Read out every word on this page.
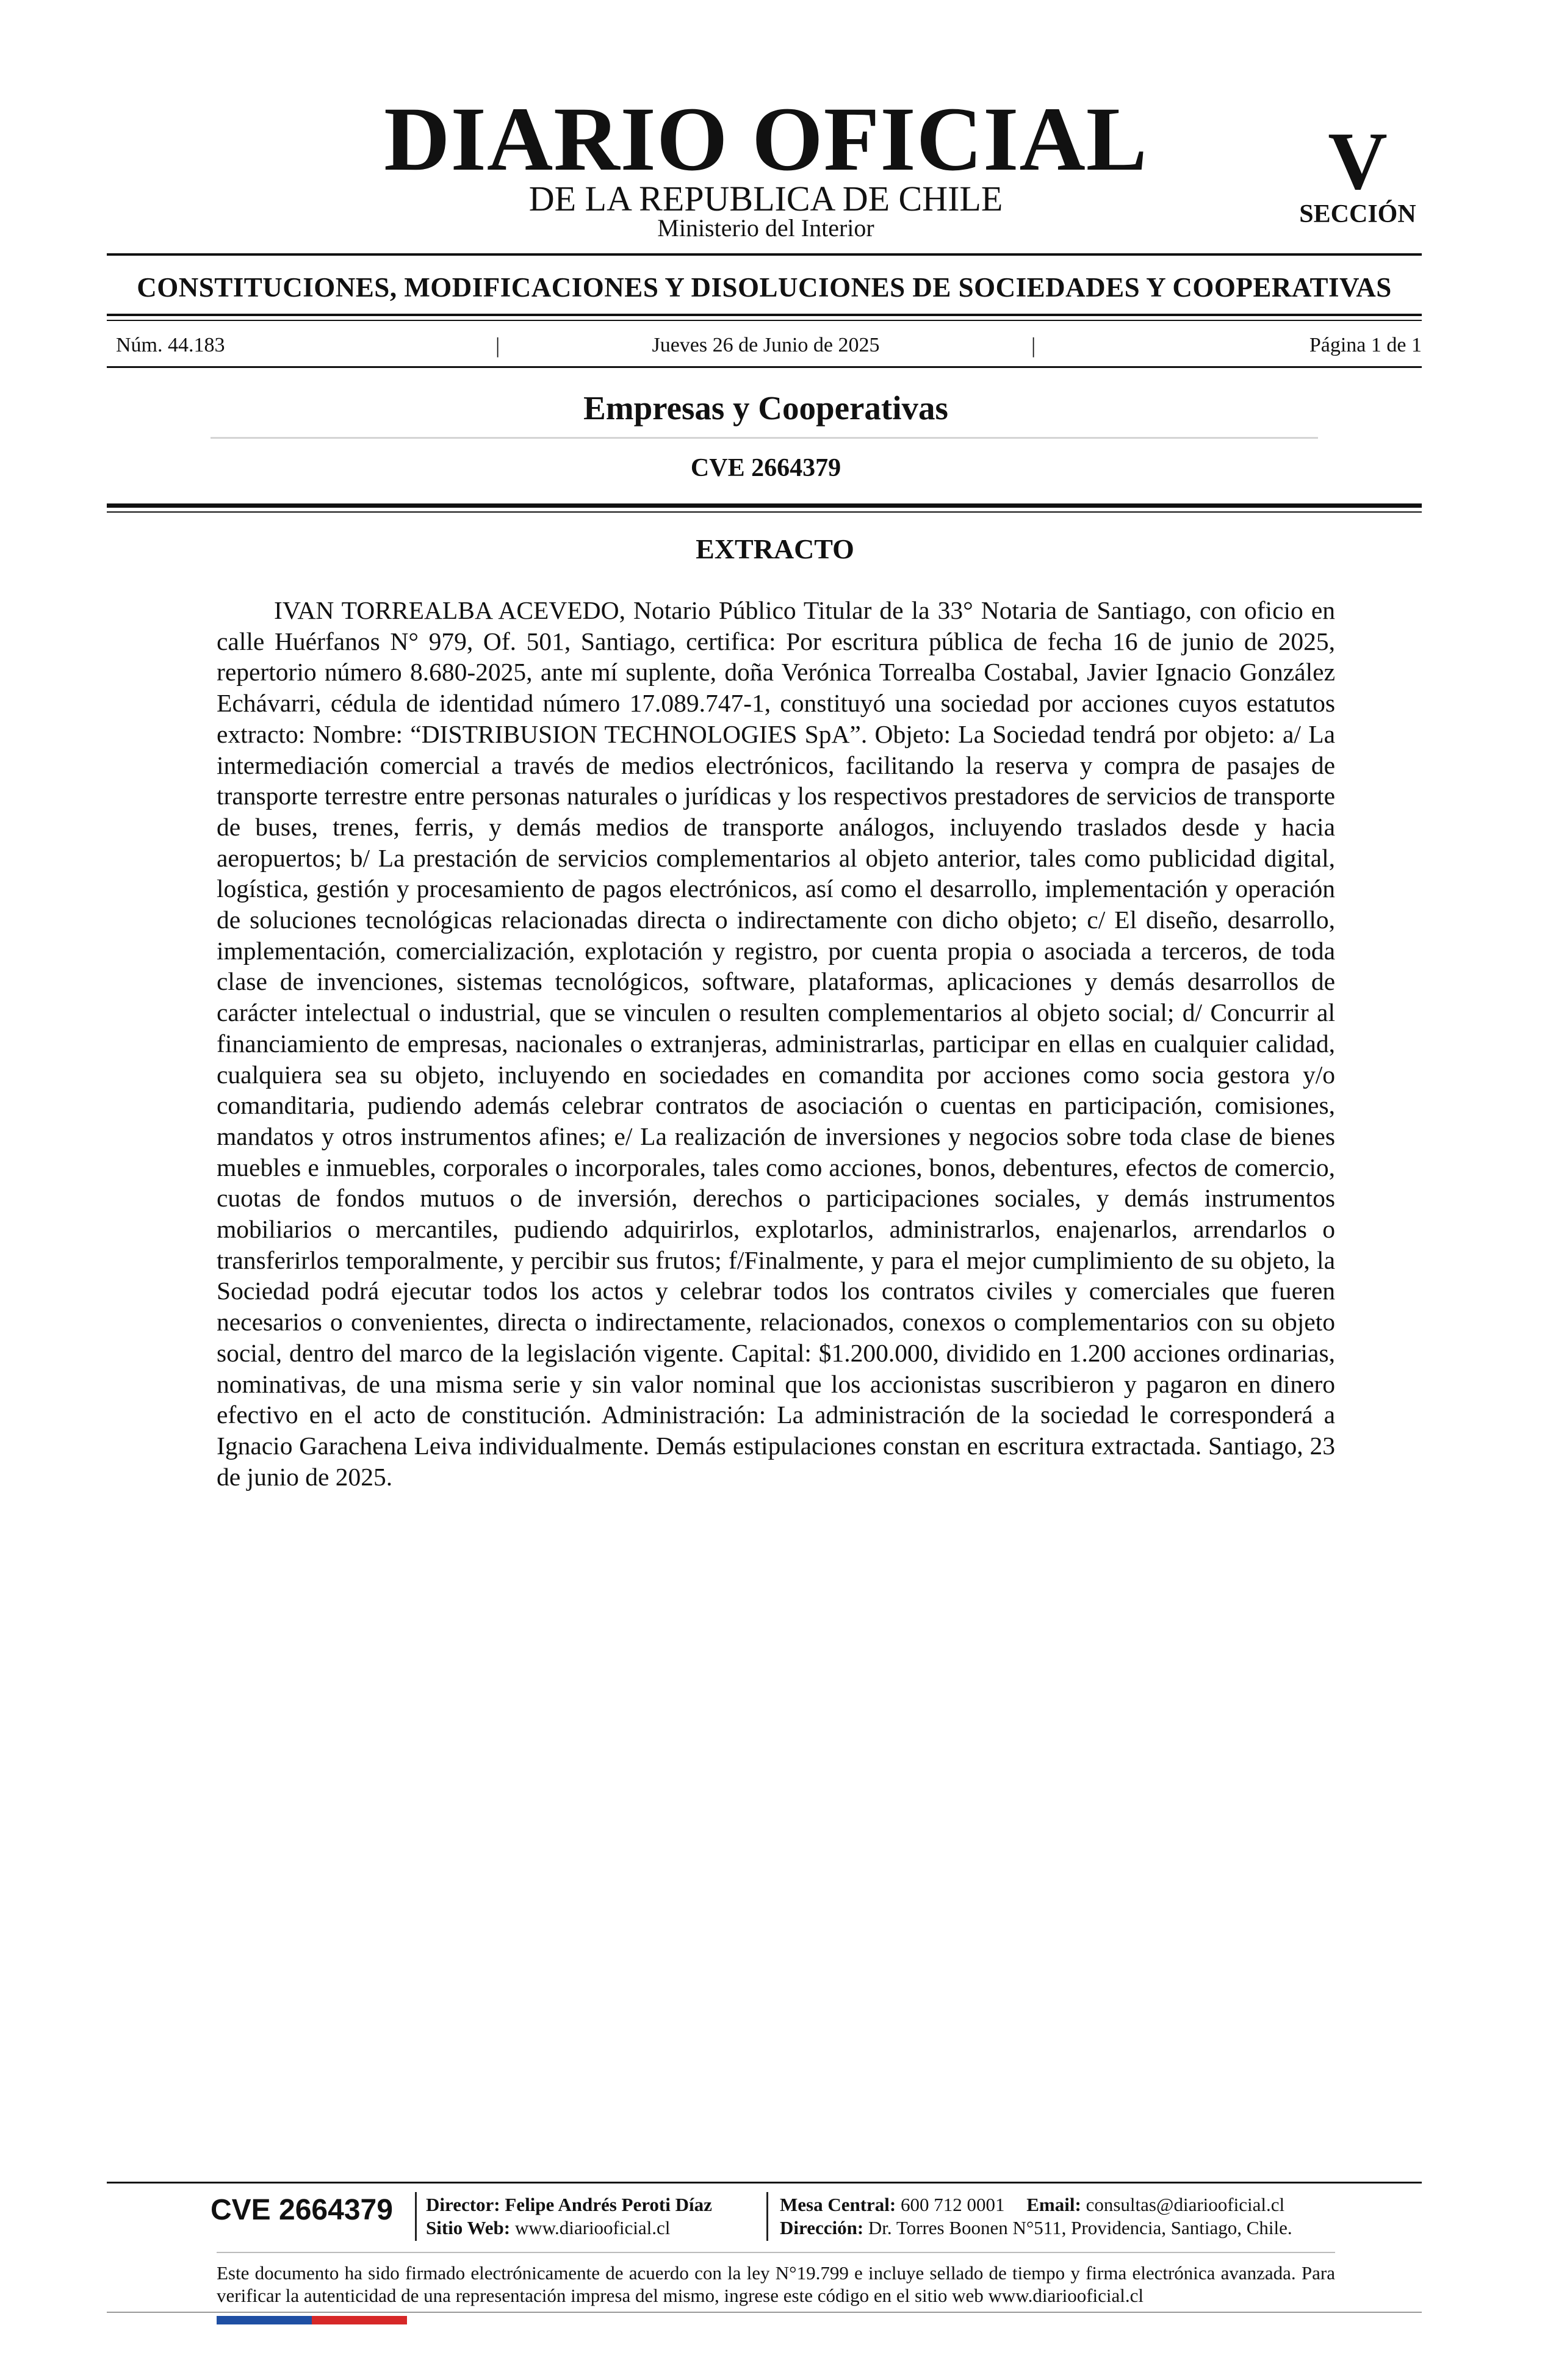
DIARIO OFICIAL
DE LA REPUBLICA DE CHILE
Ministerio del Interior
V
SECCIÓN
CONSTITUCIONES, MODIFICACIONES Y DISOLUCIONES DE SOCIEDADES Y COOPERATIVAS
Núm. 44.183	|	Jueves 26 de Junio de 2025	|	Página 1 de 1
Empresas y Cooperativas
CVE 2664379
EXTRACTO
IVAN TORREALBA ACEVEDO, Notario Público Titular de la 33° Notaria de Santiago, con oficio en calle Huérfanos N° 979, Of. 501, Santiago, certifica: Por escritura pública de fecha 16 de junio de 2025, repertorio número 8.680-2025, ante mí suplente, doña Verónica Torrealba Costabal, Javier Ignacio González Echávarri, cédula de identidad número 17.089.747-1, constituyó una sociedad por acciones cuyos estatutos extracto: Nombre: “DISTRIBUSION TECHNOLOGIES SpA”. Objeto: La Sociedad tendrá por objeto: a/ La intermediación comercial a través de medios electrónicos, facilitando la reserva y compra de pasajes de transporte terrestre entre personas naturales o jurídicas y los respectivos prestadores de servicios de transporte de buses, trenes, ferris, y demás medios de transporte análogos, incluyendo traslados desde y hacia aeropuertos; b/ La prestación de servicios complementarios al objeto anterior, tales como publicidad digital, logística, gestión y procesamiento de pagos electrónicos, así como el desarrollo, implementación y operación de soluciones tecnológicas relacionadas directa o indirectamente con dicho objeto; c/ El diseño, desarrollo, implementación, comercialización, explotación y registro, por cuenta propia o asociada a terceros, de toda clase de invenciones, sistemas tecnológicos, software, plataformas, aplicaciones y demás desarrollos de carácter intelectual o industrial, que se vinculen o resulten complementarios al objeto social; d/ Concurrir al financiamiento de empresas, nacionales o extranjeras, administrarlas, participar en ellas en cualquier calidad, cualquiera sea su objeto, incluyendo en sociedades en comandita por acciones como socia gestora y/o comanditaria, pudiendo además celebrar contratos de asociación o cuentas en participación, comisiones, mandatos y otros instrumentos afines; e/ La realización de inversiones y negocios sobre toda clase de bienes muebles e inmuebles, corporales o incorporales, tales como acciones, bonos, debentures, efectos de comercio, cuotas de fondos mutuos o de inversión, derechos o participaciones sociales, y demás instrumentos mobiliarios o mercantiles, pudiendo adquirirlos, explotarlos, administrarlos, enajenarlos, arrendarlos o transferirlos temporalmente, y percibir sus frutos; f/Finalmente, y para el mejor cumplimiento de su objeto, la Sociedad podrá ejecutar todos los actos y celebrar todos los contratos civiles y comerciales que fueren necesarios o convenientes, directa o indirectamente, relacionados, conexos o complementarios con su objeto social, dentro del marco de la legislación vigente. Capital: $1.200.000, dividido en 1.200 acciones ordinarias, nominativas, de una misma serie y sin valor nominal que los accionistas suscribieron y pagaron en dinero efectivo en el acto de constitución. Administración: La administración de la sociedad le corresponderá a Ignacio Garachena Leiva individualmente. Demás estipulaciones constan en escritura extractada. Santiago, 23 de junio de 2025.
CVE 2664379 Director: Felipe Andrés Peroti Díaz
Sitio Web: www.diariooficial.cl
Mesa Central: 600 712 0001 Email: consultas@diariooficial.cl
Dirección: Dr. Torres Boonen N°511, Providencia, Santiago, Chile.
Este documento ha sido firmado electrónicamente de acuerdo con la ley N°19.799 e incluye sellado de tiempo y firma electrónica avanzada. Para verificar la autenticidad de una representación impresa del mismo, ingrese este código en el sitio web www.diariooficial.cl
